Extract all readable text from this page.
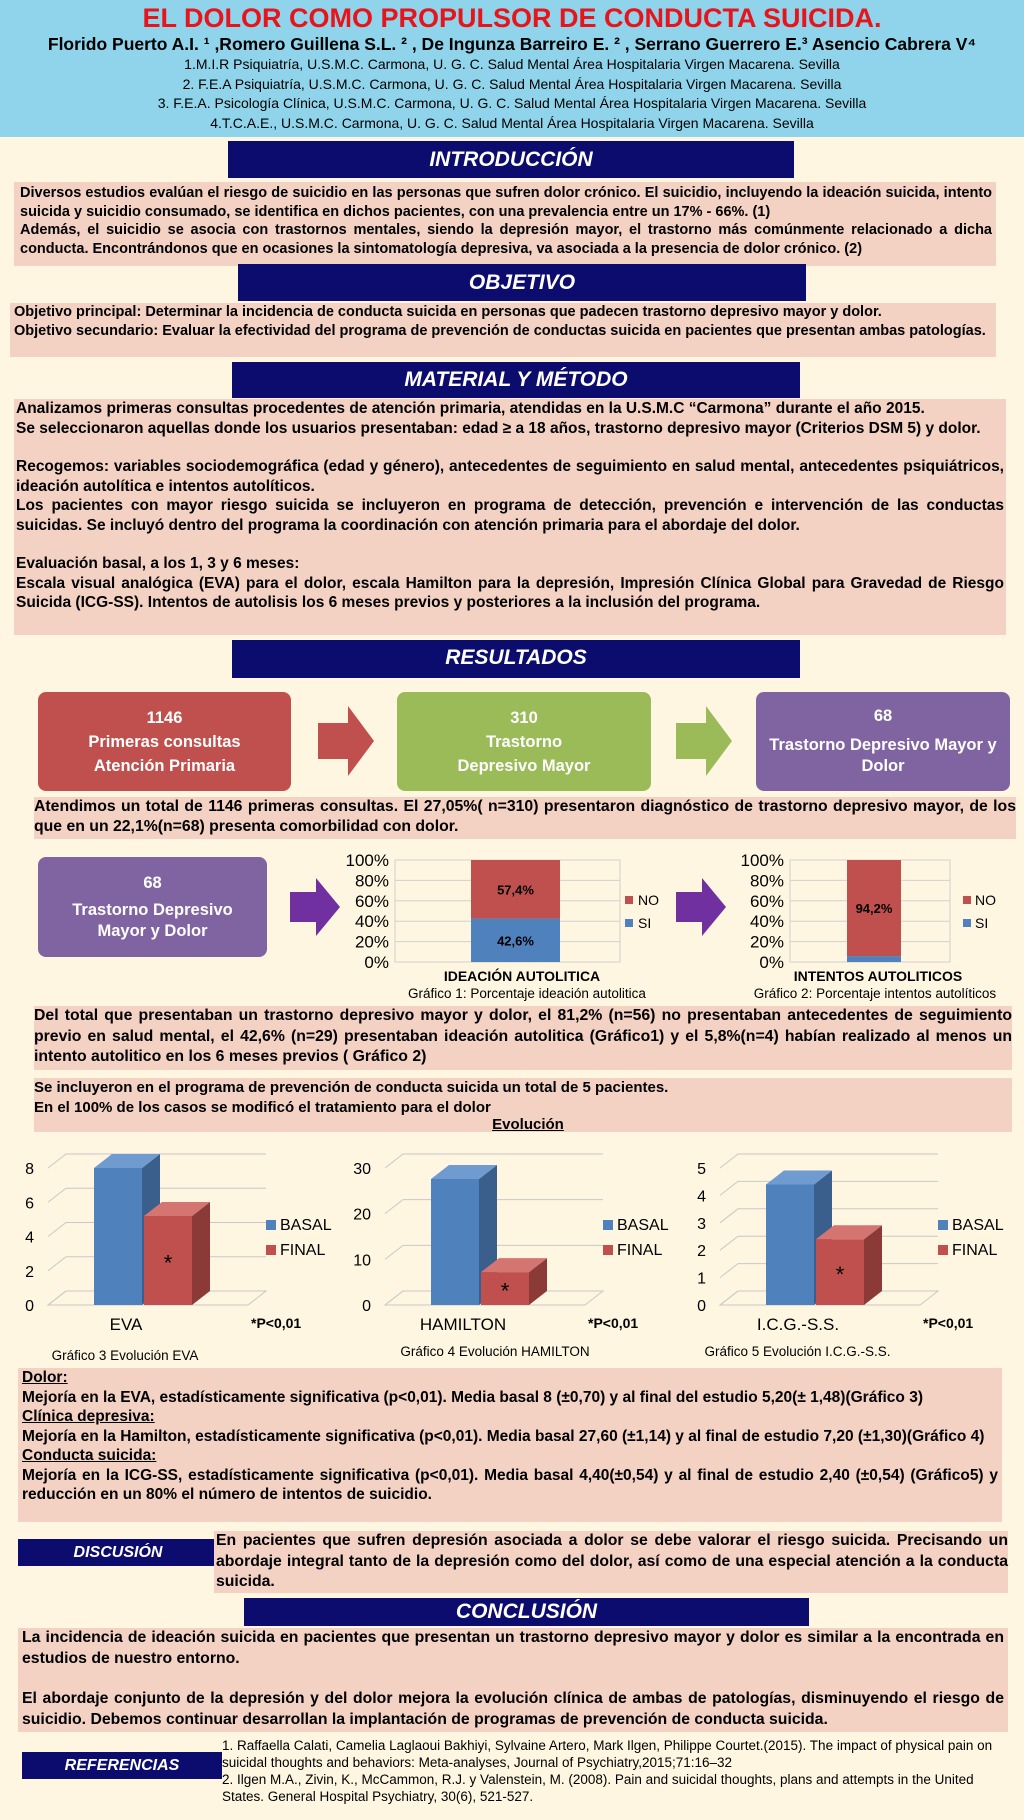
EL DOLOR COMO PROPULSOR DE CONDUCTA SUICIDA.
Florido Puerto A.I. ¹ ,Romero Guillena S.L. ² , De Ingunza Barreiro E. ² , Serrano Guerrero E.³ Asencio Cabrera V⁴
1.M.I.R Psiquiatría, U.S.M.C. Carmona, U. G. C. Salud Mental Área Hospitalaria Virgen Macarena. Sevilla
2. F.E.A Psiquiatría, U.S.M.C. Carmona, U. G. C. Salud Mental Área Hospitalaria Virgen Macarena. Sevilla
3. F.E.A. Psicología Clínica, U.S.M.C. Carmona, U. G. C. Salud Mental Área Hospitalaria Virgen Macarena. Sevilla
4.T.C.A.E., U.S.M.C. Carmona, U. G. C. Salud Mental Área Hospitalaria Virgen Macarena. Sevilla
INTRODUCCIÓN
Diversos estudios evalúan el riesgo de suicidio en las personas que sufren dolor crónico. El suicidio, incluyendo la ideación suicida, intento suicida y suicidio consumado, se identifica en dichos pacientes, con una prevalencia entre un 17% - 66%. (1)
Además, el suicidio se asocia con trastornos mentales, siendo la depresión mayor, el trastorno más comúnmente relacionado a dicha conducta. Encontrándonos que en ocasiones la sintomatología depresiva, va asociada a la presencia de dolor crónico. (2)
OBJETIVO
Objetivo principal: Determinar la incidencia de conducta suicida en personas que padecen trastorno depresivo mayor y dolor.
Objetivo secundario: Evaluar la efectividad del programa de prevención de conductas suicida en pacientes que presentan ambas patologías.
MATERIAL Y MÉTODO
Analizamos primeras consultas procedentes de atención primaria, atendidas en la U.S.M.C “Carmona” durante el año 2015.
Se seleccionaron aquellas donde los usuarios presentaban: edad ≥ a 18 años, trastorno depresivo mayor (Criterios DSM 5) y dolor.
Recogemos: variables sociodemográfica (edad y género), antecedentes de seguimiento en salud mental, antecedentes psiquiátricos, ideación autolítica e intentos autolíticos.
Los pacientes con mayor riesgo suicida se incluyeron en programa de detección, prevención e intervención de las conductas suicidas. Se incluyó dentro del programa la coordinación con atención primaria para el abordaje del dolor.
Evaluación basal, a los 1, 3 y 6 meses:
Escala visual analógica (EVA) para el dolor, escala Hamilton para la depresión, Impresión Clínica Global para Gravedad de Riesgo Suicida (ICG-SS). Intentos de autolisis los 6 meses previos y posteriores a la inclusión del programa.
RESULTADOS
1146
Primeras consultas
Atención Primaria
310
Trastorno
Depresivo Mayor
68
Trastorno Depresivo Mayor y
Dolor
Atendimos un total de 1146 primeras consultas. El 27,05%( n=310) presentaron diagnóstico de trastorno depresivo mayor, de los que en un 22,1%(n=68) presenta comorbilidad con dolor.
68
Trastorno Depresivo
Mayor y Dolor
0%
20%
40%
60%
80%
100%
42,6%
57,4%
NO
SI
IDEACIÓN AUTOLITICA
Gráfico 1: Porcentaje ideación autolitica
0%
20%
40%
60%
80%
100%
94,2%
NO
SI
INTENTOS AUTOLITICOS
Gráfico 2: Porcentaje intentos autolíticos
Del total que presentaban un trastorno depresivo mayor y dolor, el 81,2% (n=56) no presentaban antecedentes de seguimiento previo en salud mental, el 42,6% (n=29) presentaban ideación autolitica (Gráfico1) y el 5,8%(n=4) habían realizado al menos un intento autolitico en los 6 meses previos ( Gráfico 2)
Se incluyeron en el programa de prevención de conducta suicida un total de 5 pacientes.
En el 100% de los casos se modificó el tratamiento para el dolor
Evolución
0
2
4
6
8
*
EVA
BASAL
FINAL
*P<0,01
0
10
20
30
*
HAMILTON
BASAL
FINAL
*P<0,01
0
1
2
3
4
5
*
I.C.G.-S.S.
BASAL
FINAL
*P<0,01
Gráfico 3 Evolución EVA	Gráfico 4 Evolución HAMILTON	Gráfico 5 Evolución I.C.G.-S.S.
Dolor:
Mejoría en la EVA, estadísticamente significativa (p<0,01). Media basal 8 (±0,70) y al final del estudio 5,20(± 1,48)(Gráfico 3)
Clínica depresiva:
Mejoría en la Hamilton, estadísticamente significativa (p<0,01). Media basal 27,60 (±1,14) y al final de estudio 7,20 (±1,30)(Gráfico 4)
Conducta suicida:
Mejoría en la ICG-SS, estadísticamente significativa (p<0,01). Media basal 4,40(±0,54) y al final de estudio 2,40 (±0,54) (Gráfico5) y reducción en un 80% el número de intentos de suicidio.
DISCUSIÓN
En pacientes que sufren depresión asociada a dolor se debe valorar el riesgo suicida. Precisando un abordaje integral tanto de la depresión como del dolor, así como de una especial atención a la conducta suicida.
CONCLUSIÓN
La incidencia de ideación suicida en pacientes que presentan un trastorno depresivo mayor y dolor es similar a la encontrada en estudios de nuestro entorno.
El abordaje conjunto de la depresión y del dolor mejora la evolución clínica de ambas de patologías, disminuyendo el riesgo de suicidio. Debemos continuar desarrollan la implantación de programas de prevención de conducta suicida.
REFERENCIAS
1. Raffaella Calati, Camelia Laglaoui Bakhiyi, Sylvaine Artero, Mark Ilgen, Philippe Courtet.(2015). The impact of physical pain on suicidal thoughts and behaviors: Meta-analyses, Journal of Psychiatry,2015;71:16–32
2. Ilgen M.A., Zivin, K., McCammon, R.J. y Valenstein, M. (2008). Pain and suicidal thoughts, plans and attempts in the United States. General Hospital Psychiatry, 30(6), 521-527.
